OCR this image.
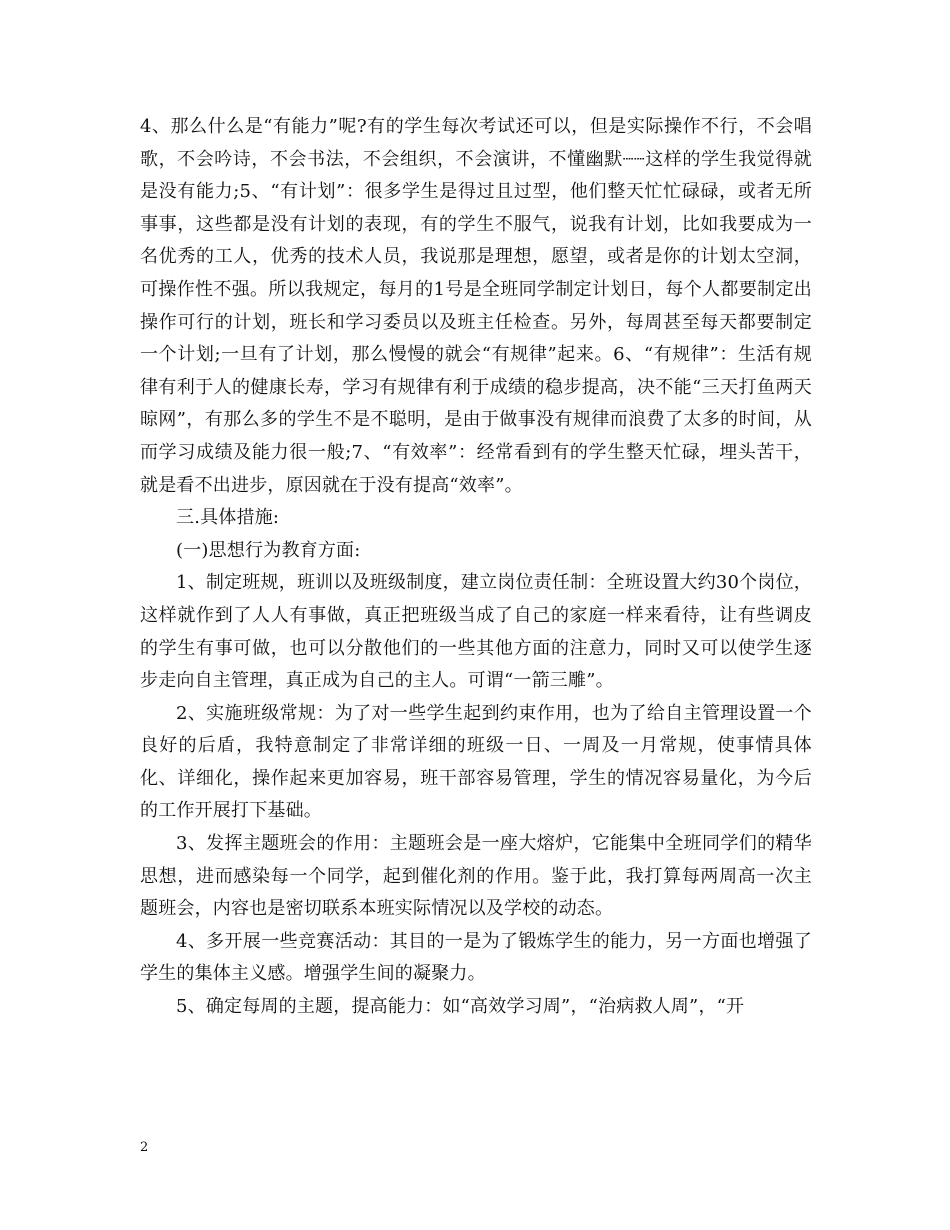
4、那么什么是“有能力”呢?有的学生每次考试还可以，但是实际操作不行，不会唱歌，不会吟诗，不会书法，不会组织，不会演讲，不懂幽默┈┈这样的学生我觉得就是没有能力;5、“有计划”：很多学生是得过且过型，他们整天忙忙碌碌，或者无所事事，这些都是没有计划的表现，有的学生不服气，说我有计划，比如我要成为一名优秀的工人，优秀的技术人员，我说那是理想，愿望，或者是你的计划太空洞，可操作性不强。所以我规定，每月的1号是全班同学制定计划日，每个人都要制定出操作可行的计划，班长和学习委员以及班主任检查。另外，每周甚至每天都要制定一个计划;一旦有了计划，那么慢慢的就会“有规律”起来。6、“有规律”：生活有规律有利于人的健康长寿，学习有规律有利于成绩的稳步提高，决不能“三天打鱼两天晾网”，有那么多的学生不是不聪明，是由于做事没有规律而浪费了太多的时间，从而学习成绩及能力很一般;7、“有效率”：经常看到有的学生整天忙碌，埋头苦干，就是看不出进步，原因就在于没有提高“效率”。

三.具体措施:

(一)思想行为教育方面:

1、制定班规，班训以及班级制度，建立岗位责任制：全班设置大约30个岗位，这样就作到了人人有事做，真正把班级当成了自己的家庭一样来看待，让有些调皮的学生有事可做，也可以分散他们的一些其他方面的注意力，同时又可以使学生逐步走向自主管理，真正成为自己的主人。可谓“一箭三雕”。

2、实施班级常规：为了对一些学生起到约束作用，也为了给自主管理设置一个良好的后盾，我特意制定了非常详细的班级一日、一周及一月常规，使事情具体化、详细化，操作起来更加容易，班干部容易管理，学生的情况容易量化，为今后的工作开展打下基础。

3、发挥主题班会的作用：主题班会是一座大熔炉，它能集中全班同学们的精华思想，进而感染每一个同学，起到催化剂的作用。鉴于此，我打算每两周高一次主题班会，内容也是密切联系本班实际情况以及学校的动态。

4、多开展一些竞赛活动：其目的一是为了锻炼学生的能力，另一方面也增强了学生的集体主义感。增强学生间的凝聚力。

5、确定每周的主题，提高能力：如“高效学习周”，“治病救人周”，“开

2
